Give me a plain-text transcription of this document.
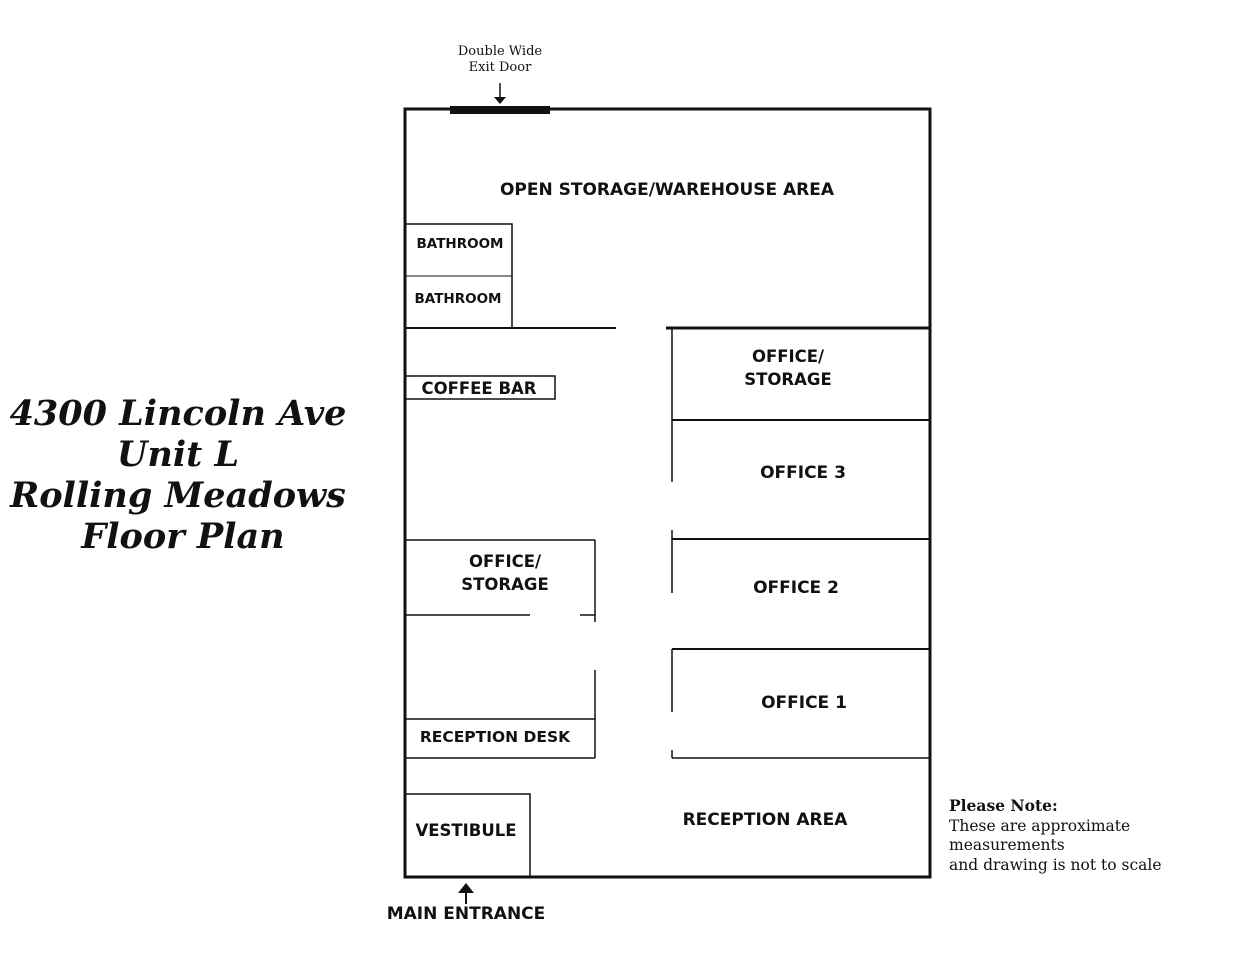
4300 Lincoln Ave
Unit L
Rolling Meadows
Floor Plan
Double Wide
Exit Door
MAIN ENTRANCE
OPEN STORAGE/WAREHOUSE AREA
BATHROOM
BATHROOM
COFFEE BAR
OFFICE/
STORAGE
OFFICE 3
OFFICE 2
OFFICE 1
OFFICE/
STORAGE
RECEPTION DESK
VESTIBULE
RECEPTION AREA
Please Note:
These are approximate
measurements
and drawing is not to scale
